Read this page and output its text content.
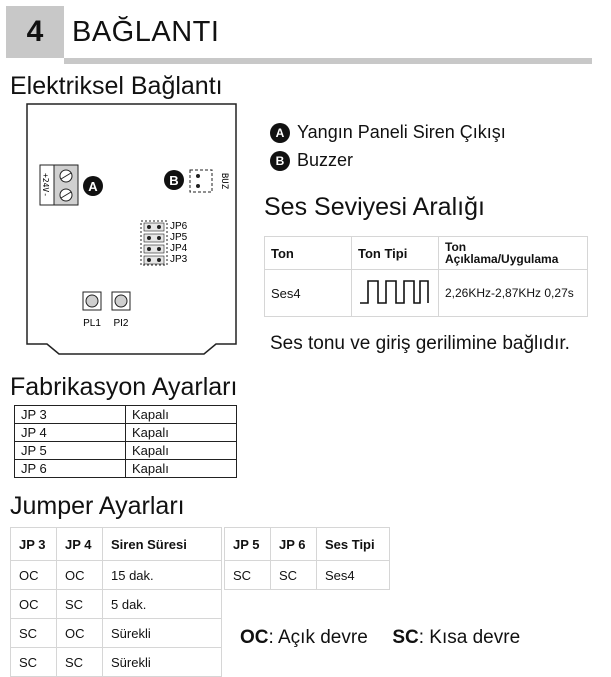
4 BAĞLANTI
Elektriksel Bağlantı
+24V-	A	B	BUZ
JP6
JP5
JP4
JP3
PL1 PI2
A Yangın Paneli Siren Çıkışı
B Buzzer
Ses Seviyesi Aralığı
Ton	Ton Tipi	Ton Açıklama/Uygulama
Ses4		2,26KHz-2,87KHz 0,27s
Ses tonu ve giriş gerilimine bağlıdır.
Fabrikasyon Ayarları
JP 3	Kapalı
JP 4	Kapalı
JP 5	Kapalı
JP 6	Kapalı
Jumper Ayarları
JP 3	JP 4	Siren Süresi
OC	OC	15 dak.
OC	SC	5 dak.
SC	OC	Sürekli
SC	SC	Sürekli
JP 5	JP 6	Ses Tipi
SC	SC	Ses4
OC: Açık devre SC: Kısa devre
